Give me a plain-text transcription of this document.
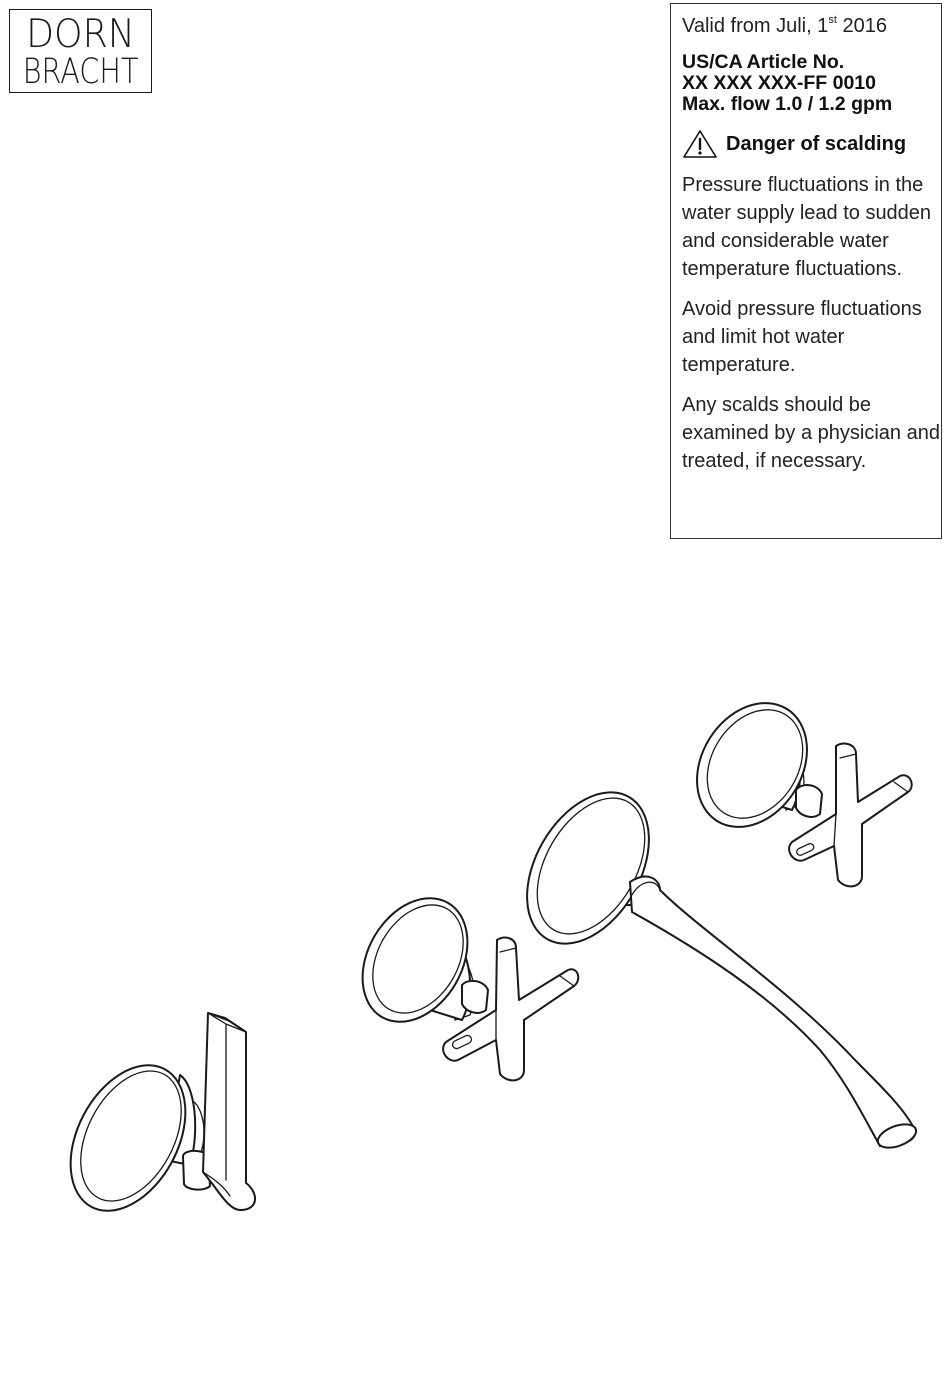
DORN
BRACHT
Valid from Juli, 1st 2016
US/CA Article No.
XX XXX XXX-FF 0010
Max. flow 1.0 / 1.2 gpm
Danger of scalding
Pressure fluctuations in the water supply lead to sudden and considerable water temperature fluctuations.
Avoid pressure fluctuations and limit hot water temperature.
Any scalds should be examined by a physician and treated, if necessary.
